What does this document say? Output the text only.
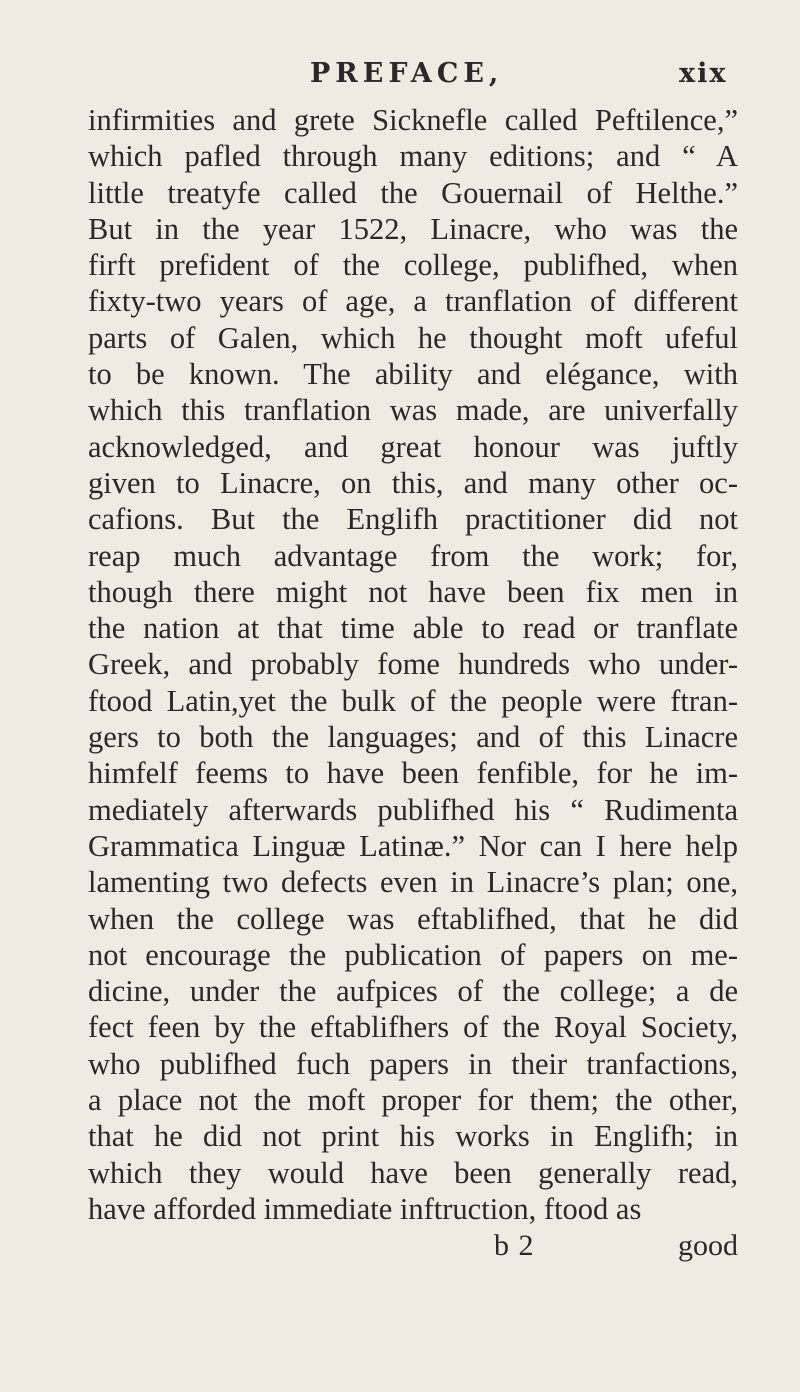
PREFACE,	xix
infirmities and grete Sicknefle called Peftilence,”
which pafled through many editions; and “ A
little treatyfe called the Gouernail of Helthe.”
But in the year 1522, Linacre, who was the
firft prefident of the college, publifhed, when
fixty-two years of age, a tranflation of different
parts of Galen, which he thought moft ufeful
to be known. The ability and elégance, with
which this tranflation was made, are univerfally
acknowledged, and great honour was juftly
given to Linacre, on this, and many other oc-
cafions. But the Englifh practitioner did not
reap much advantage from the work; for,
though there might not have been fix men in
the nation at that time able to read or tranflate
Greek, and probably fome hundreds who under-
ftood Latin,yet the bulk of the people were ftran-
gers to both the languages; and of this Linacre
himfelf feems to have been fenfible, for he im-
mediately afterwards publifhed his “ Rudimenta
Grammatica Linguæ Latinæ.” Nor can I here help
lamenting two defects even in Linacre’s plan; one,
when the college was eftablifhed, that he did
not encourage the publication of papers on me-
dicine, under the aufpices of the college; a de
fect feen by the eftablifhers of the Royal Society,
who publifhed fuch papers in their tranfactions,
a place not the moft proper for them; the other,
that he did not print his works in Englifh; in
which they would have been generally read,
have afforded immediate inftruction, ftood as
b 2	good
